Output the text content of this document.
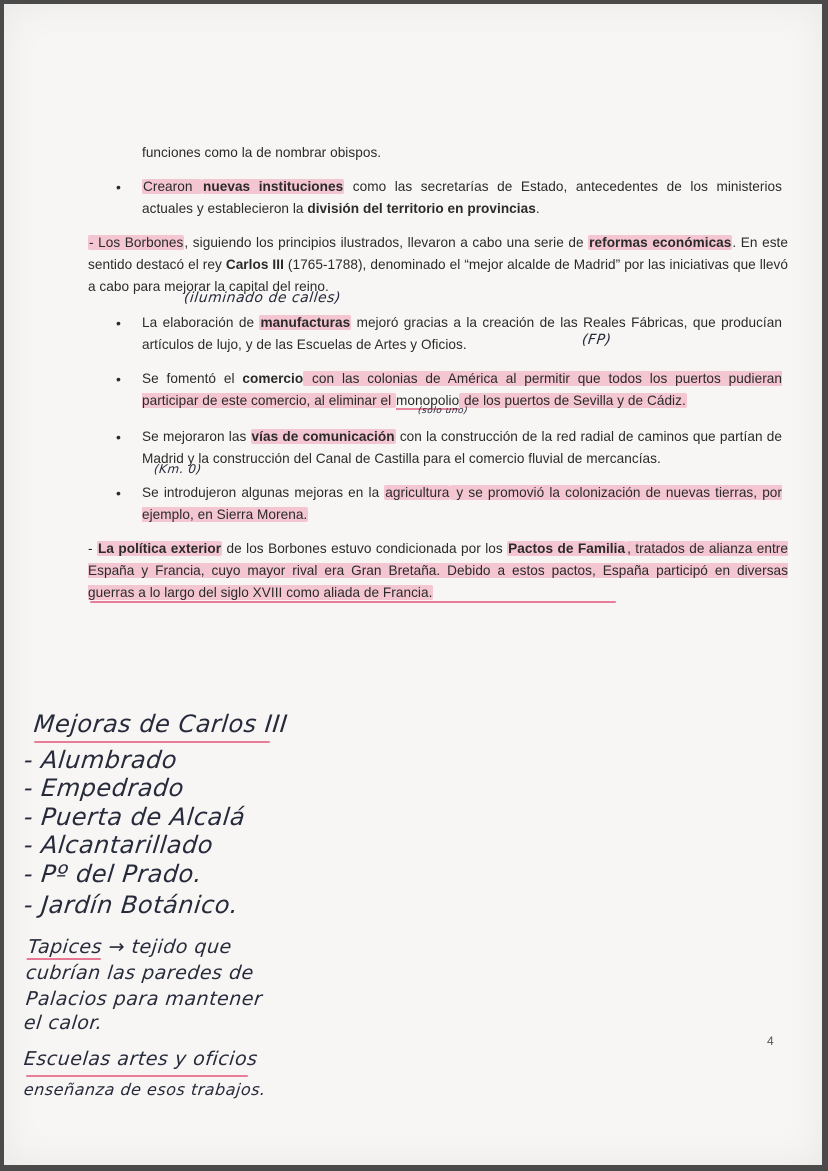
funciones como la de nombrar obispos.

• Crearon nuevas instituciones como las secretarías de Estado, antecedentes de los ministerios actuales y establecieron la división del territorio en provincias.

- Los Borbones, siguiendo los principios ilustrados, llevaron a cabo una serie de reformas económicas. En este sentido destacó el rey Carlos III (1765-1788), denominado el “mejor alcalde de Madrid” por las iniciativas que llevó a cabo para mejorar la capital del reino.

• La elaboración de manufacturas mejoró gracias a la creación de las Reales Fábricas, que producían artículos de lujo, y de las Escuelas de Artes y Oficios.

• Se fomentó el comercio con las colonias de América al permitir que todos los puertos pudieran participar de este comercio, al eliminar el monopolio de los puertos de Sevilla y de Cádiz.

• Se mejoraron las vías de comunicación con la construcción de la red radial de caminos que partían de Madrid y la construcción del Canal de Castilla para el comercio fluvial de mercancías.

• Se introdujeron algunas mejoras en la agricultura y se promovió la colonización de nuevas tierras, por ejemplo, en Sierra Morena.

- La política exterior de los Borbones estuvo condicionada por los Pactos de Familia , tratados de alianza entre España y Francia, cuyo mayor rival era Gran Bretaña. Debido a estos pactos, España participó en diversas guerras a lo largo del siglo XVIII como aliada de Francia.

(iluminado de calles)
(FP)
(solo uno)
(Km. 0)
Mejoras de Carlos III
- Alumbrado
- Empedrado
- Puerta de Alcalá
- Alcantarillado
- Pº del Prado.
- Jardín Botánico.
Tapices → tejido que
cubrían las paredes de
Palacios para mantener
el calor.
Escuelas artes y oficios
enseñanza de esos trabajos.
4
